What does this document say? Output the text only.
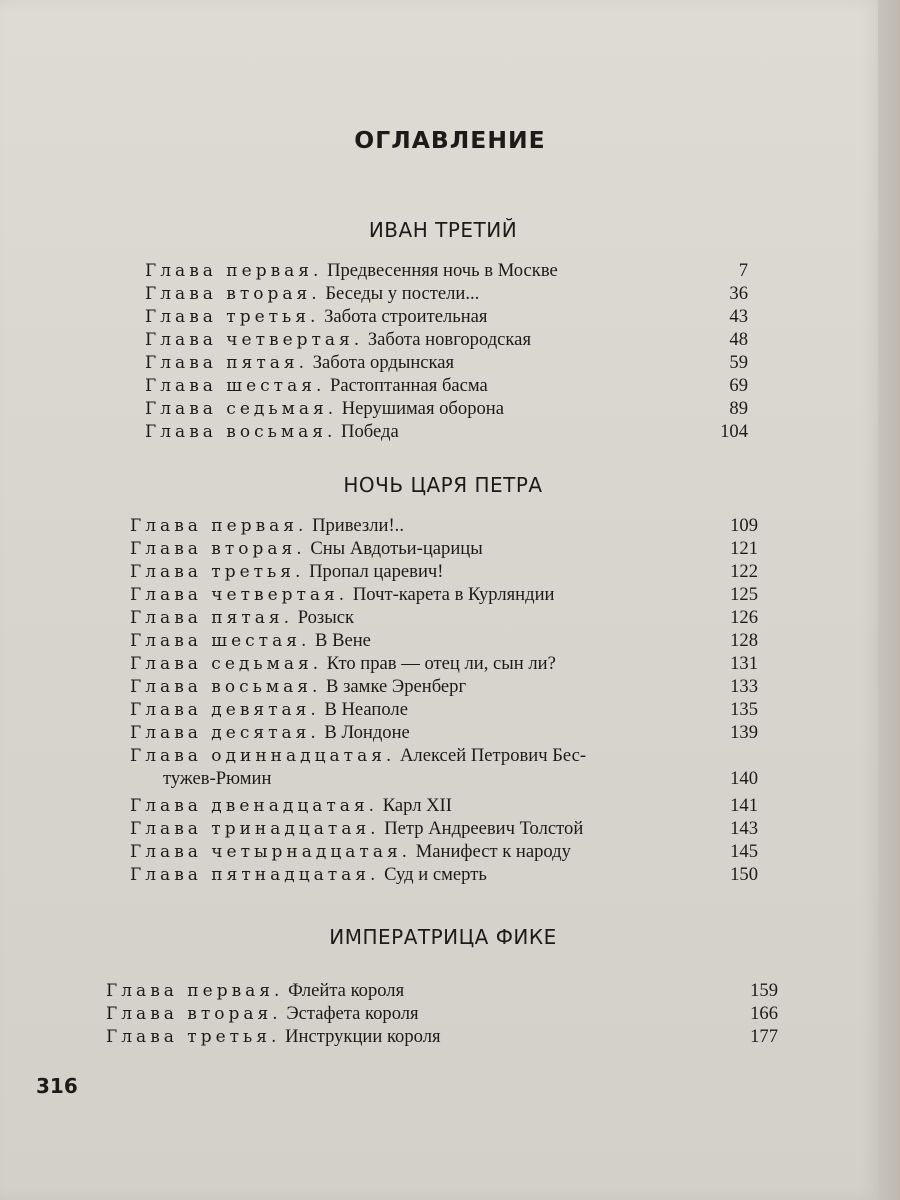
ОГЛАВЛЕНИЕ
ИВАН ТРЕТИЙ
Глава первая. Предвесенняя ночь в Москве	7
Глава вторая. Беседы у постели...	36
Глава третья. Забота строительная	43
Глава четвертая. Забота новгородская	48
Глава пятая. Забота ордынская	59
Глава шестая. Растоптанная басма	69
Глава седьмая. Нерушимая оборона	89
Глава восьмая. Победа	104
НОЧЬ ЦАРЯ ПЕТРА
Глава первая. Привезли!..	109
Глава вторая. Сны Авдотьи-царицы	121
Глава третья. Пропал царевич!	122
Глава четвертая. Почт-карета в Курляндии	125
Глава пятая. Розыск	126
Глава шестая. В Вене	128
Глава седьмая. Кто прав — отец ли, сын ли?	131
Глава восьмая. В замке Эренберг	133
Глава девятая. В Неаполе	135
Глава десятая. В Лондоне	139
Глава одиннадцатая. Алексей Петрович Бес-
тужев-Рюмин	140
Глава двенадцатая. Карл XII	141
Глава тринадцатая. Петр Андреевич Толстой	143
Глава четырнадцатая. Манифест к народу	145
Глава пятнадцатая. Суд и смерть	150
ИМПЕРАТРИЦА ФИКЕ
Глава первая. Флейта короля	159
Глава вторая. Эстафета короля	166
Глава третья. Инструкции короля	177
316
